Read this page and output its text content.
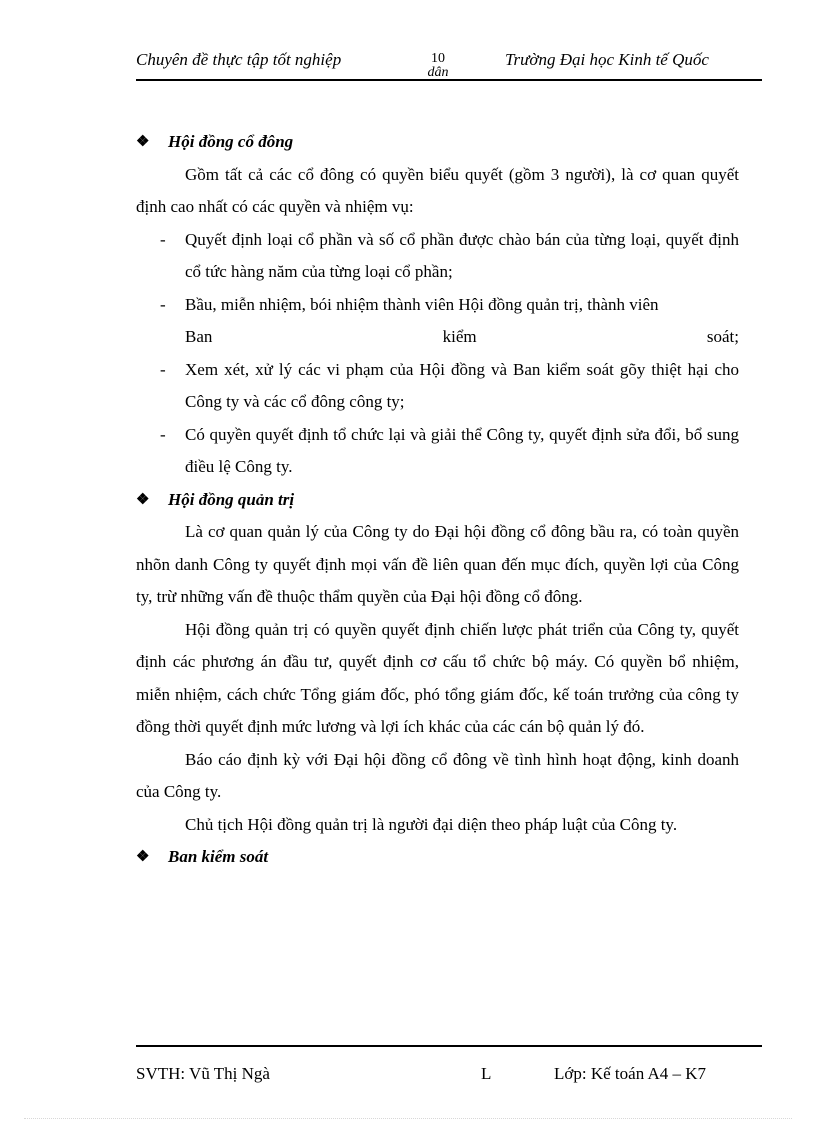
Chuyên đề thực tập tốt nghiệp	10
dân
Trường Đại học Kinh tế Quốc

❖	Hội đồng cổ đông

Gồm tất cả các cổ đông có quyền biểu quyết (gồm 3 người), là cơ quan quyết định cao nhất có các quyền và nhiệm vụ:

- Quyết định loại cổ phần và số cổ phần được chào bán của từng loại, quyết định cổ tức hàng năm của từng loại cổ phần;
- Bầu, miễn nhiệm, bói nhiệm thành viên Hội đồng quản trị, thành viên
Ban kiểm soát;
- Xem xét, xử lý các vi phạm của Hội đồng và Ban kiểm soát gõy thiệt hại cho Công ty và các cổ đông công ty;
- Có quyền quyết định tổ chức lại và giải thể Công ty, quyết định sửa đổi, bổ sung điều lệ Công ty.

❖	Hội đồng quản trị

Là cơ quan quản lý của Công ty do Đại hội đồng cổ đông bầu ra, có toàn quyền nhõn danh Công ty quyết định mọi vấn đề liên quan đến mục đích, quyền lợi của Công ty, trừ những vấn đề thuộc thẩm quyền của Đại hội đồng cổ đông.

Hội đồng quản trị có quyền quyết định chiến lược phát triển của Công ty, quyết định các phương án đầu tư, quyết định cơ cấu tổ chức bộ máy. Có quyền bổ nhiệm, miễn nhiệm, cách chức Tổng giám đốc, phó tổng giám đốc, kế toán trưởng của công ty đồng thời quyết định mức lương và lợi ích khác của các cán bộ quản lý đó.

Báo cáo định kỳ với Đại hội đồng cổ đông về tình hình hoạt động, kinh doanh của Công ty.

Chủ tịch Hội đồng quản trị là người đại diện theo pháp luật của Công ty.

❖	Ban kiểm soát

SVTH: Vũ Thị Ngà	L	Lớp: Kế toán A4 – K7
